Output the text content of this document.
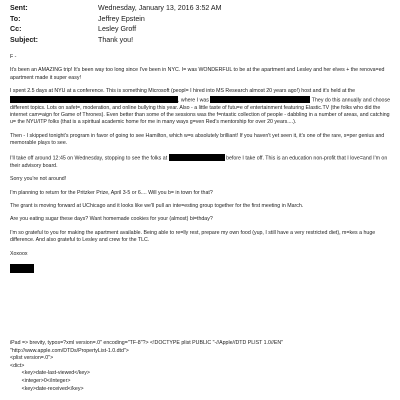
Sent:	Wednesday, January 13, 2016 3:52 AM
To:	Jeffrey Epstein
Cc:	Lesley Groff
Subject:	Thank you!

F -

It's been an AMAZING trip! It's been way too long since I've been in NYC. I= was WONDERFUL to be at the apartment and Lesley and her elves + the renova=ed apartment made it super easy!

I spent 2.5 days at NYU at a conference. This is something Microsoft (peopl= I hired into MS Research almost 20 years ago!) host and it's held at the , where I was	They do this annually and choose different topics. Lots on safet=, moderation, and online bullying this year. Also - a little taste of futu=e of entertainment featuring Elastic.TV (the folks who did the internet cam=aign for Game of Thrones). Even better than some of the sessions was the f=ntastic collection of people - dabbling in a number of areas, and catching u= the NYU/ITP folks (that is a spiritual academic home for me in many ways g=ven Red's mentorship for over 20 years....).

Then - I skipped tonight's program in favor of going to see Hamilton, which w=s absolutely brilliant! If you haven't yet seen it, it's one of the rare, s=per genius and memorable plays to see.

I'll take off around 12:45 on Wednesday, stopping to see the folks at	before I take off. This is an education non-profit that I love=and I'm on their advisory board.

Sorry you're not around!

I'm planning to return for the Pritzker Prize, April 3-5 or 6.... Will you b= in town for that?

The grant is moving forward at UChicago and it looks like we'll pull an inte=esting group together for the first meeting in March.

Are you eating sugar these days? Want homemade cookies for your (almost) bi=thday?

I'm so grateful to you for making the apartment available. Being able to re=lly rest, prepare my own food (yup, I still have a very restricted diet), m=kes a huge difference. And also grateful to Lesley and crew for the TLC.

Xoxoox

iPad => brevity, typos=?xml version=.0" encoding="TF-8"?> <!DOCTYPE plist PUBLIC "-//Apple//DTD PLIST 1.0//EN"
"http://www.apple.com/DTDs/PropertyList-1.0.dtd">
<plist version=.0">
<dict>
<key>date-last-viewed</key>
<integer>0</integer>
<key>date-received</key>
